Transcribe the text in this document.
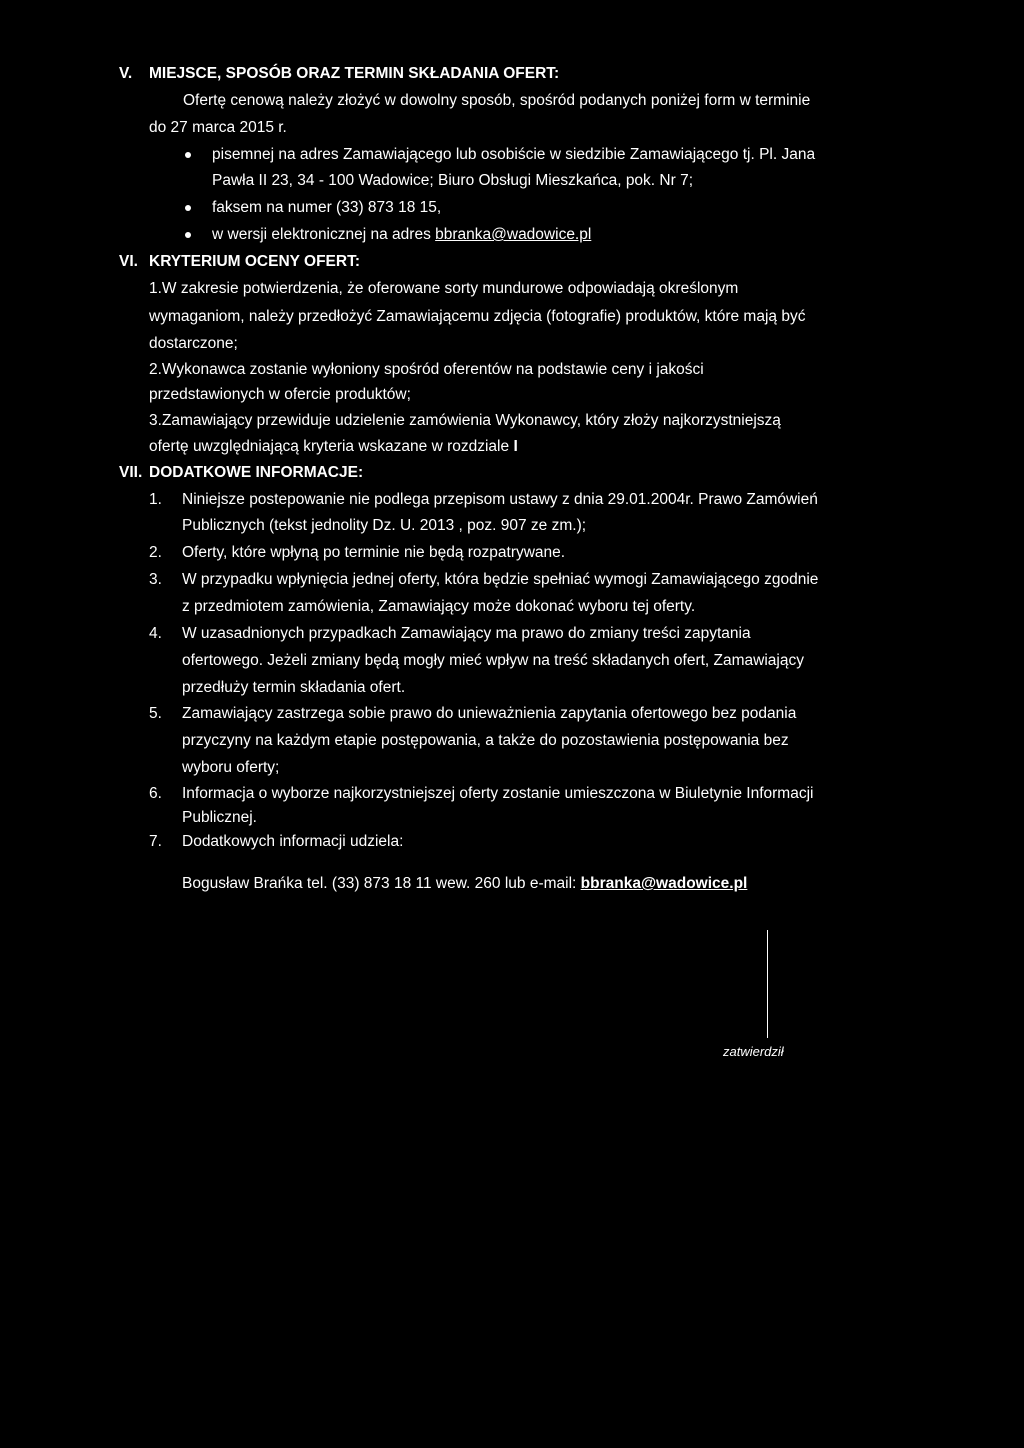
V. MIEJSCE, SPOSÓB ORAZ TERMIN SKŁADANIA OFERT:
Ofertę cenową należy złożyć w dowolny sposób, spośród podanych poniżej form w terminie
do 27 marca 2015 r.
pisemnej na adres Zamawiającego lub osobiście w siedzibie Zamawiającego tj. Pl. Jana
Pawła II 23, 34 - 100 Wadowice; Biuro Obsługi Mieszkańca, pok. Nr 7;
faksem na numer (33) 873 18 15,
w wersji elektronicznej na adres bbranka@wadowice.pl
VI. KRYTERIUM OCENY OFERT:
1.W zakresie potwierdzenia, że oferowane sorty mundurowe odpowiadają określonym
wymaganiom, należy przedłożyć Zamawiającemu zdjęcia (fotografie) produktów, które mają być
dostarczone;
2.Wykonawca zostanie wyłoniony spośród oferentów na podstawie ceny i jakości
przedstawionych w ofercie produktów;
3.Zamawiający przewiduje udzielenie zamówienia Wykonawcy, który złoży najkorzystniejszą
ofertę uwzględniającą kryteria wskazane w rozdziale I
VII. DODATKOWE INFORMACJE:
1. Niniejsze postepowanie nie podlega przepisom ustawy z dnia 29.01.2004r. Prawo Zamówień
Publicznych (tekst jednolity Dz. U. 2013 , poz. 907 ze zm.);
2. Oferty, które wpłyną po terminie nie będą rozpatrywane.
3. W przypadku wpłynięcia jednej oferty, która będzie spełniać wymogi Zamawiającego zgodnie
z przedmiotem zamówienia, Zamawiający może dokonać wyboru tej oferty.
4. W uzasadnionych przypadkach Zamawiający ma prawo do zmiany treści zapytania
ofertowego. Jeżeli zmiany będą mogły mieć wpływ na treść składanych ofert, Zamawiający
przedłuży termin składania ofert.
5. Zamawiający zastrzega sobie prawo do unieważnienia zapytania ofertowego bez podania
przyczyny na każdym etapie postępowania, a także do pozostawienia postępowania bez
wyboru oferty;
6. Informacja o wyborze najkorzystniejszej oferty zostanie umieszczona w Biuletynie Informacji
Publicznej.
7. Dodatkowych informacji udziela:
Bogusław Brańka tel. (33) 873 18 11 wew. 260 lub e-mail: bbranka@wadowice.pl
zatwierdził
